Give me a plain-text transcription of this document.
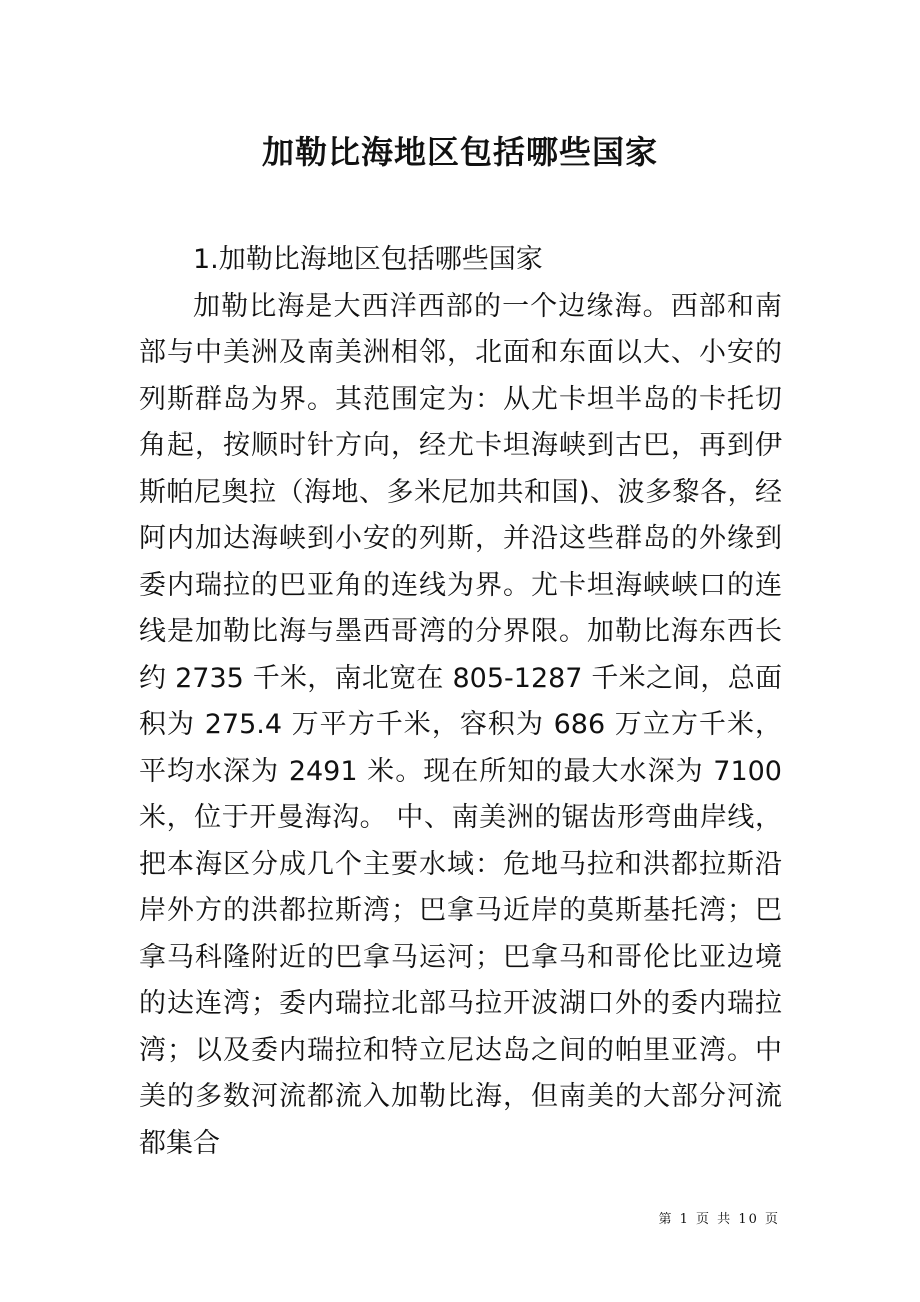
加勒比海地区包括哪些国家

1.加勒比海地区包括哪些国家

加勒比海是大西洋西部的一个边缘海。西部和南部与中美洲及南美洲相邻，北面和东面以大、小安的列斯群岛为界。其范围定为：从尤卡坦半岛的卡托切角起，按顺时针方向，经尤卡坦海峡到古巴，再到伊斯帕尼奥拉（海地、多米尼加共和国)、波多黎各，经阿内加达海峡到小安的列斯，并沿这些群岛的外缘到委内瑞拉的巴亚角的连线为界。尤卡坦海峡峡口的连线是加勒比海与墨西哥湾的分界限。加勒比海东西长约 2735 千米，南北宽在 805-1287 千米之间，总面积为 275.4 万平方千米，容积为 686 万立方千米，平均水深为 2491 米。现在所知的最大水深为 7100 米，位于开曼海沟。 中、南美洲的锯齿形弯曲岸线，把本海区分成几个主要水域：危地马拉和洪都拉斯沿岸外方的洪都拉斯湾；巴拿马近岸的莫斯基托湾；巴拿马科隆附近的巴拿马运河；巴拿马和哥伦比亚边境的达连湾；委内瑞拉北部马拉开波湖口外的委内瑞拉湾；以及委内瑞拉和特立尼达岛之间的帕里亚湾。中美的多数河流都流入加勒比海，但南美的大部分河流都集合

第 1 页 共 10 页
